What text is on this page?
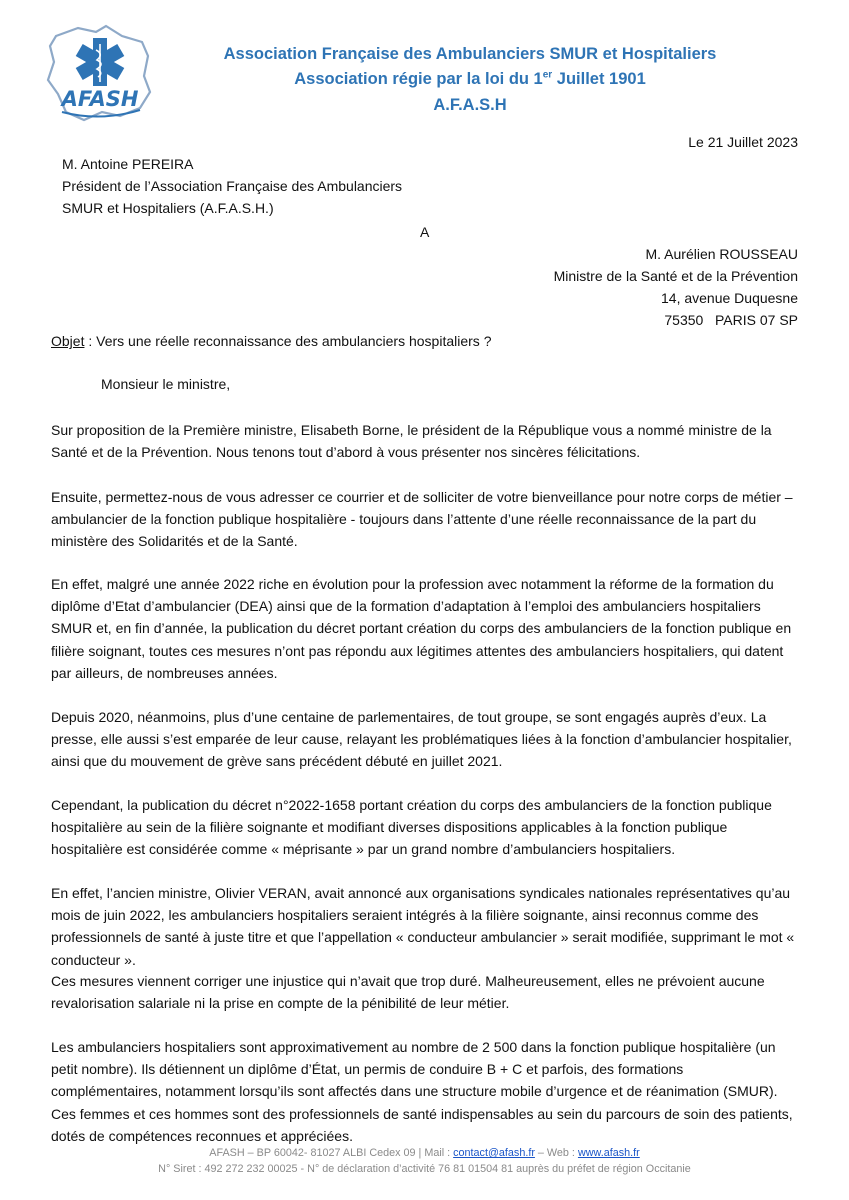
AFASH
Association Française des Ambulanciers SMUR et Hospitaliers
Association régie par la loi du 1er Juillet 1901
A.F.A.S.H
Le 21 Juillet 2023
M. Antoine PEREIRA
Président de l’Association Française des Ambulanciers
SMUR et Hospitaliers (A.F.A.S.H.)
A
M. Aurélien ROUSSEAU
Ministre de la Santé et de la Prévention
14, avenue Duquesne
75350   PARIS 07 SP
Objet : Vers une réelle reconnaissance des ambulanciers hospitaliers ?
Monsieur le ministre,
Sur proposition de la Première ministre, Elisabeth Borne, le président de la République vous a nommé ministre de la Santé et de la Prévention. Nous tenons tout d’abord à vous présenter nos sincères félicitations.
Ensuite, permettez-nous de vous adresser ce courrier et de solliciter de votre bienveillance pour notre corps de métier – ambulancier de la fonction publique hospitalière - toujours dans l’attente d’une réelle reconnaissance de la part du ministère des Solidarités et de la Santé.
En effet, malgré une année 2022 riche en évolution pour la profession avec notamment la réforme de la formation du diplôme d’Etat d’ambulancier (DEA) ainsi que de la formation d’adaptation à l’emploi des ambulanciers hospitaliers SMUR et, en fin d’année, la publication du décret portant création du corps des ambulanciers de la fonction publique en filière soignant, toutes ces mesures n’ont pas répondu aux légitimes attentes des ambulanciers hospitaliers, qui datent par ailleurs, de nombreuses années.
Depuis 2020, néanmoins, plus d’une centaine de parlementaires, de tout groupe, se sont engagés auprès d’eux. La presse, elle aussi s’est emparée de leur cause, relayant les problématiques liées à la fonction d’ambulancier hospitalier, ainsi que du mouvement de grève sans précédent débuté en juillet 2021.
Cependant, la publication du décret n°2022-1658 portant création du corps des ambulanciers de la fonction publique hospitalière au sein de la filière soignante et modifiant diverses dispositions applicables à la fonction publique hospitalière est considérée comme « méprisante » par un grand nombre d’ambulanciers hospitaliers.
En effet, l’ancien ministre, Olivier VERAN, avait annoncé aux organisations syndicales nationales représentatives qu’au mois de juin 2022, les ambulanciers hospitaliers seraient intégrés à la filière soignante, ainsi reconnus comme des professionnels de santé à juste titre et que l’appellation « conducteur ambulancier » serait modifiée, supprimant le mot « conducteur ».
Ces mesures viennent corriger une injustice qui n’avait que trop duré. Malheureusement, elles ne prévoient aucune revalorisation salariale ni la prise en compte de la pénibilité de leur métier.
Les ambulanciers hospitaliers sont approximativement au nombre de 2 500 dans la fonction publique hospitalière (un petit nombre). Ils détiennent un diplôme d’État, un permis de conduire B + C et parfois, des formations complémentaires, notamment lorsqu’ils sont affectés dans une structure mobile d’urgence et de réanimation (SMUR). Ces femmes et ces hommes sont des professionnels de santé indispensables au sein du parcours de soin des patients, dotés de compétences reconnues et appréciées.
AFASH – BP 60042- 81027 ALBI Cedex 09 | Mail : contact@afash.fr – Web : www.afash.fr
N° Siret : 492 272 232 00025 - N° de déclaration d’activité 76 81 01504 81 auprès du préfet de région Occitanie
